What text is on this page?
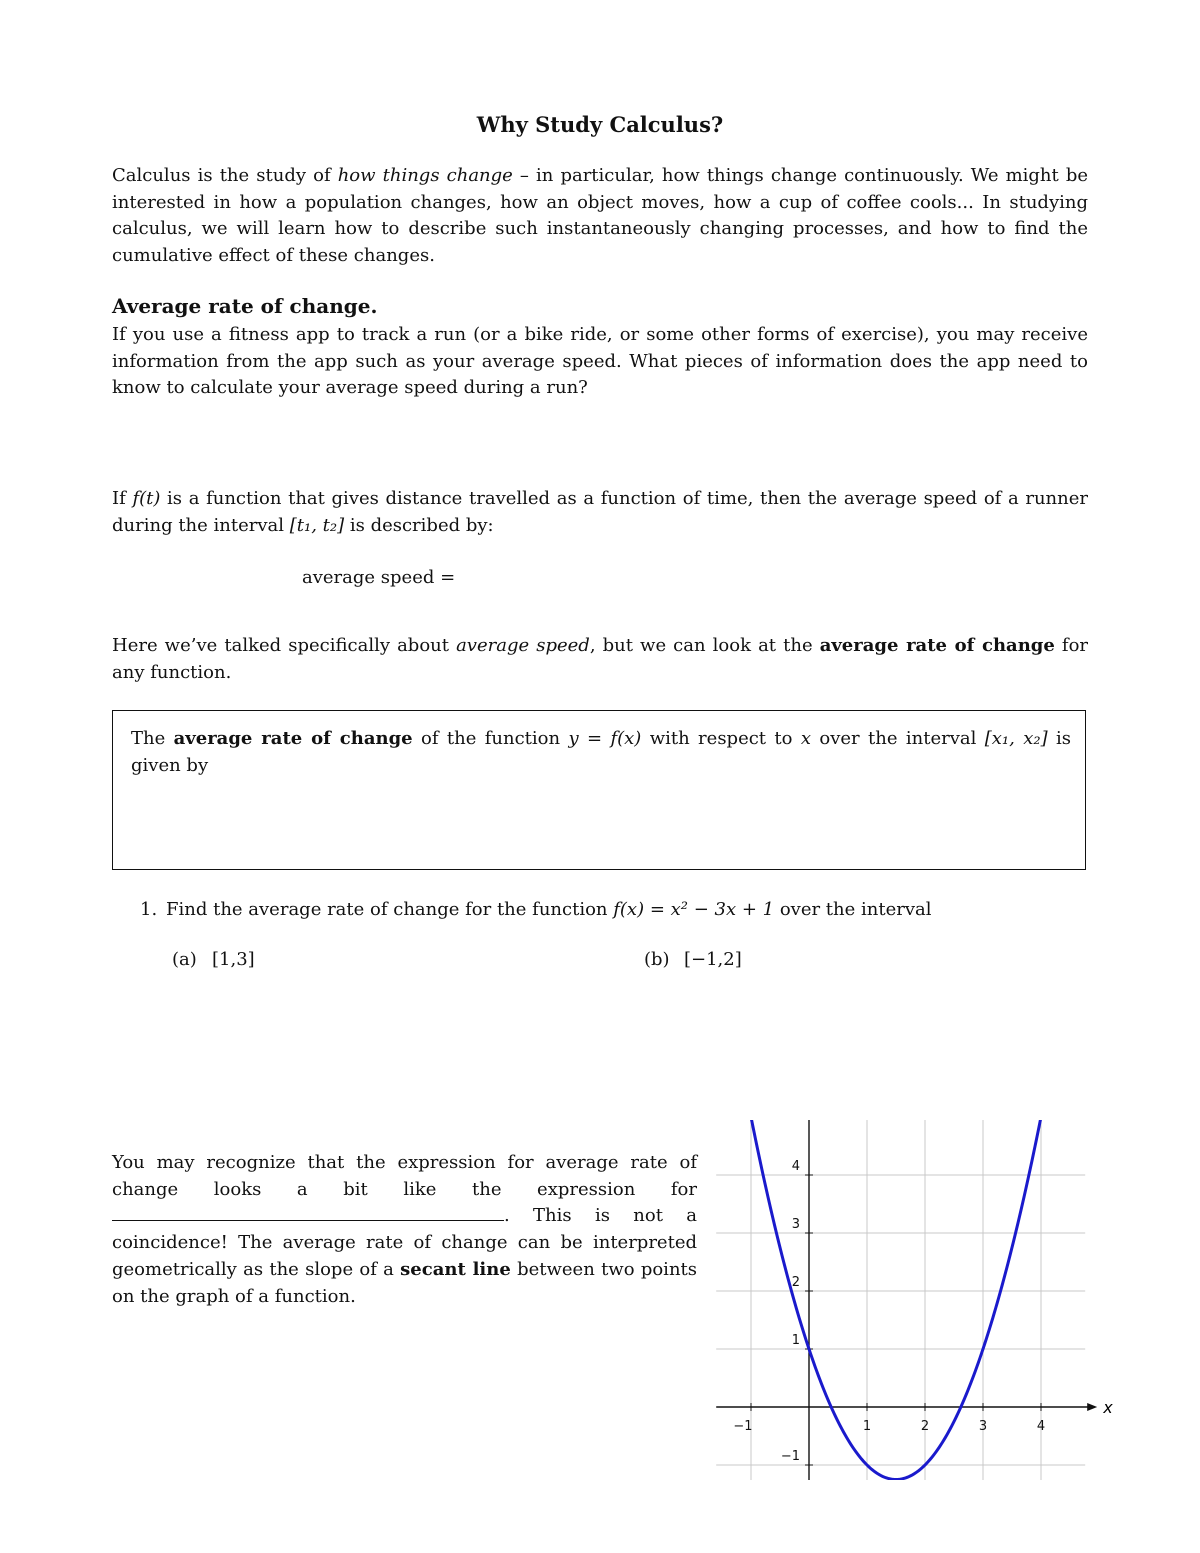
Why Study Calculus?

Calculus is the study of how things change – in particular, how things change continuously. We might be interested in how a population changes, how an object moves, how a cup of coffee cools... In studying calculus, we will learn how to describe such instantaneously changing processes, and how to find the cumulative effect of these changes.

Average rate of change.

If you use a fitness app to track a run (or a bike ride, or some other forms of exercise), you may receive information from the app such as your average speed. What pieces of information does the app need to know to calculate your average speed during a run?

If f(t) is a function that gives distance travelled as a function of time, then the average speed of a runner during the interval [t₁, t₂] is described by:

average speed =

Here we’ve talked specifically about average speed, but we can look at the average rate of change for any function.

The average rate of change of the function y = f(x) with respect to x over the interval [x₁, x₂] is given by

1. Find the average rate of change for the function f(x) = x² − 3x + 1 over the interval
(a) [1,3]	(b) [−1,2]

You may recognize that the expression for average rate of change looks a bit like the expression for . This is not a coincidence! The average rate of change can be interpreted geometrically as the slope of a secant line between two points on the graph of a function.

−1	1	2	3	4
−1
1
2
3
4
x
